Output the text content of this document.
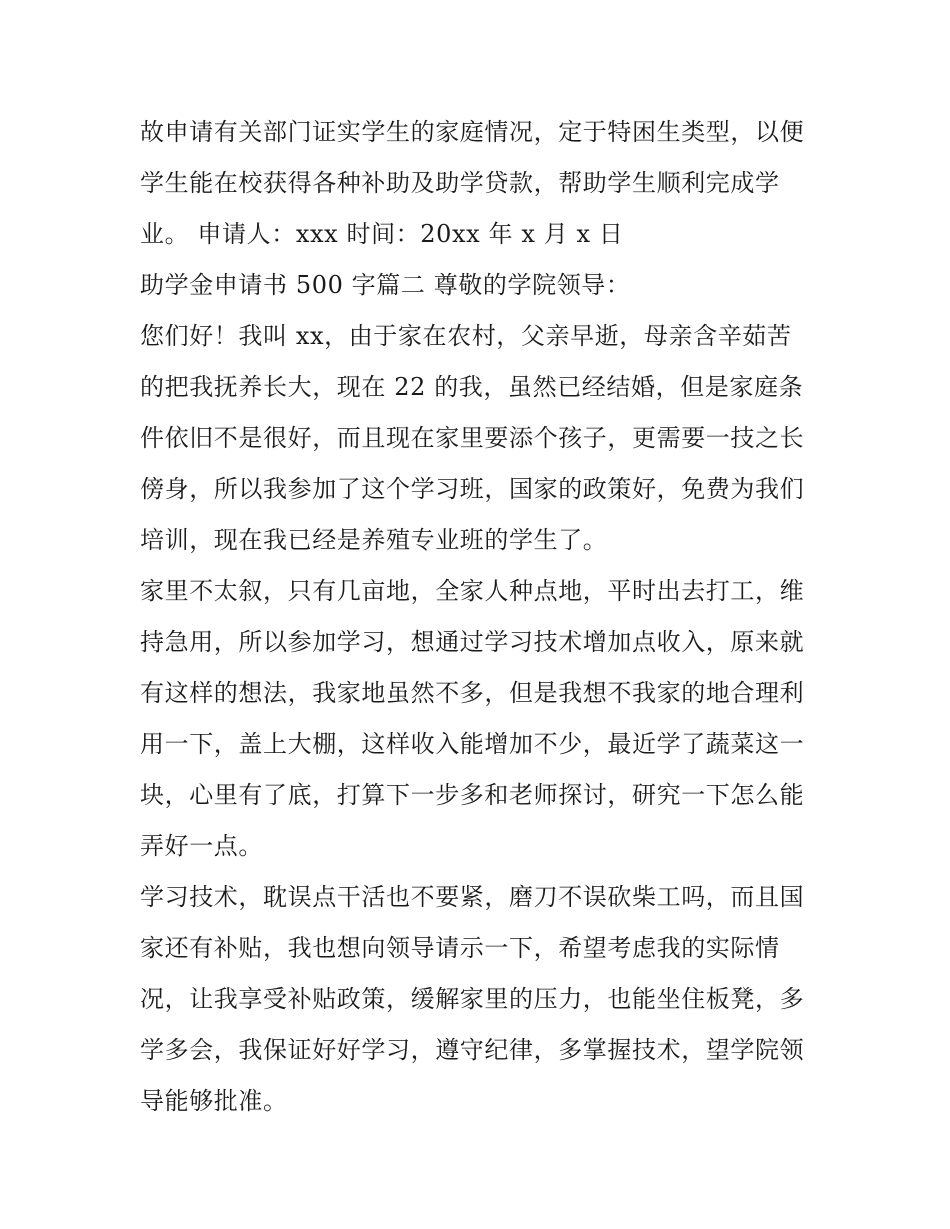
故申请有关部门证实学生的家庭情况，定于特困生类型，以便
学生能在校获得各种补助及助学贷款，帮助学生顺利完成学
业。 申请人：xxx 时间：20xx 年 x 月 x 日
助学金申请书 500 字篇二 尊敬的学院领导：
您们好！我叫 xx，由于家在农村，父亲早逝，母亲含辛茹苦
的把我抚养长大，现在 22 的我，虽然已经结婚，但是家庭条
件依旧不是很好，而且现在家里要添个孩子，更需要一技之长
傍身，所以我参加了这个学习班，国家的政策好，免费为我们
培训，现在我已经是养殖专业班的学生了。
家里不太叙，只有几亩地，全家人种点地，平时出去打工，维
持急用，所以参加学习，想通过学习技术增加点收入，原来就
有这样的想法，我家地虽然不多，但是我想不我家的地合理利
用一下，盖上大棚，这样收入能增加不少，最近学了蔬菜这一
块，心里有了底，打算下一步多和老师探讨，研究一下怎么能
弄好一点。
学习技术，耽误点干活也不要紧，磨刀不误砍柴工吗，而且国
家还有补贴，我也想向领导请示一下，希望考虑我的实际情
况，让我享受补贴政策，缓解家里的压力，也能坐住板凳，多
学多会，我保证好好学习，遵守纪律，多掌握技术，望学院领
导能够批准。
